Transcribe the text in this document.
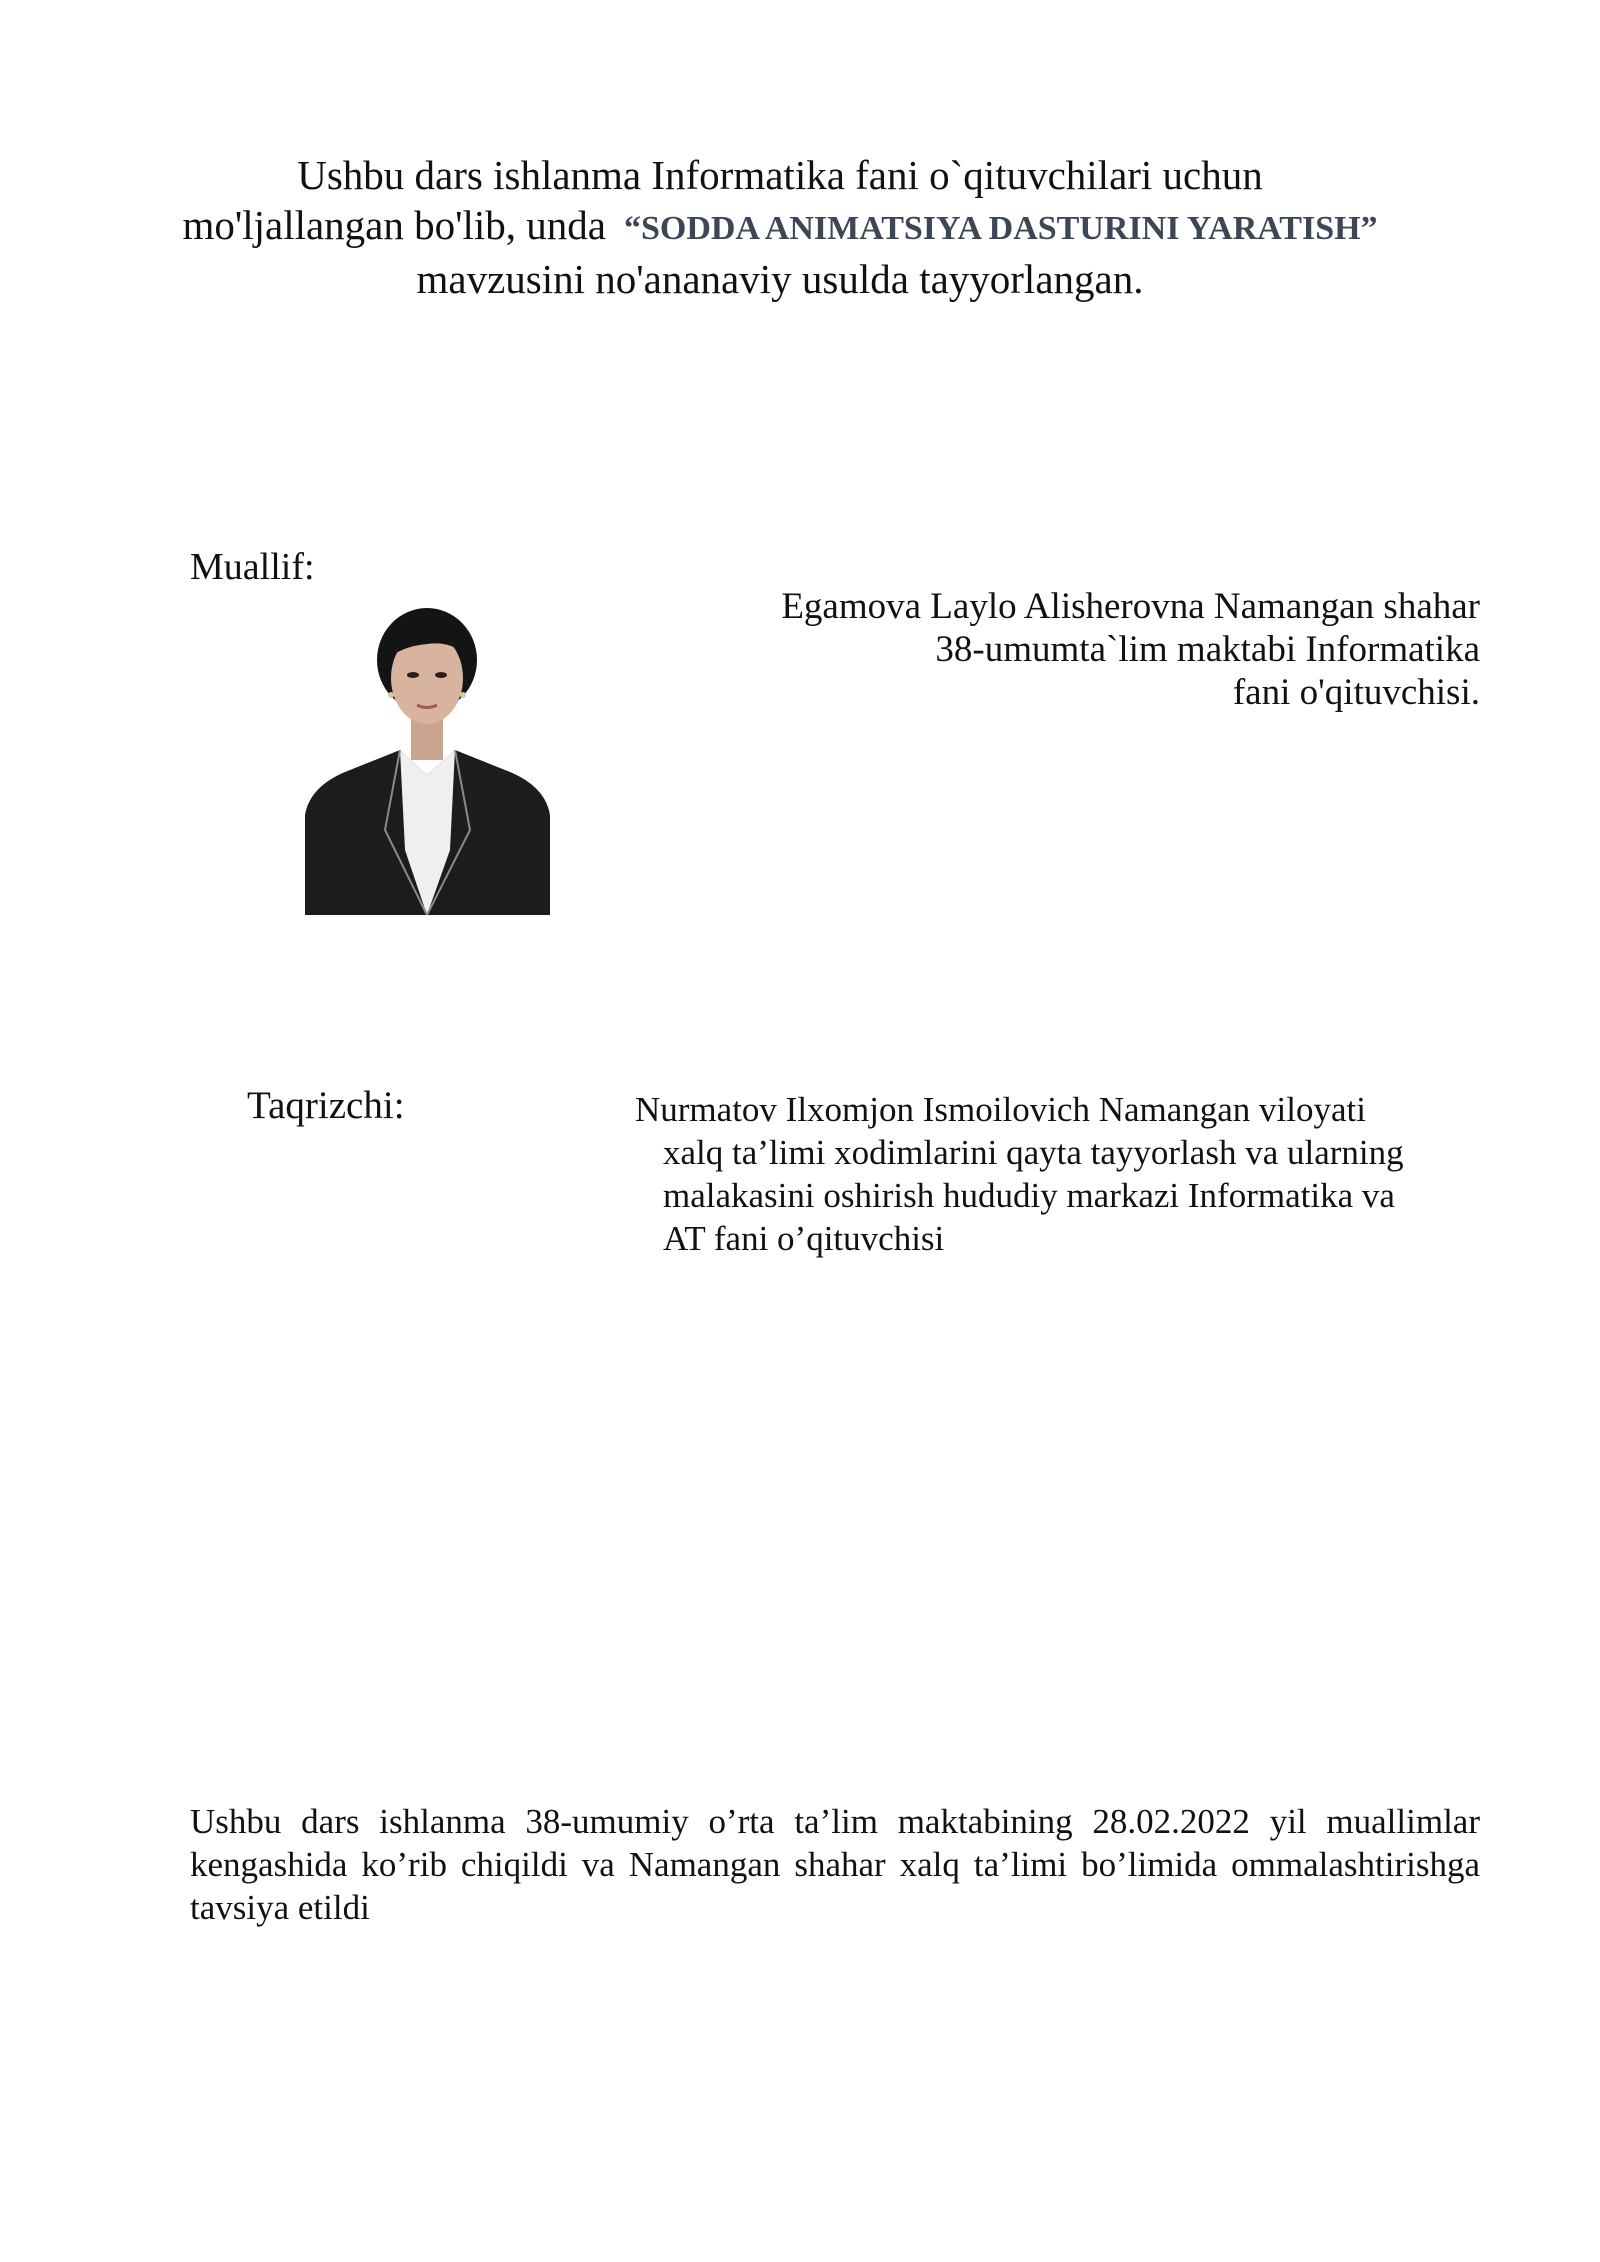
Ushbu dars ishlanma Informatika fani o`qituvchilari uchun
mo'ljallangan bo'lib, unda “SODDA ANIMATSIYA DASTURINI YARATISH”
mavzusini no'ananaviy usulda tayyorlangan.
Muallif:
Egamova Laylo Alisherovna Namangan shahar
38-umumta`lim maktabi Informatika
fani o'qituvchisi.
Taqrizchi:	Nurmatov Ilxomjon Ismoilovich Namangan viloyati
xalq ta’limi xodimlarini qayta tayyorlash va ularning
malakasini oshirish hududiy markazi Informatika va
AT fani o’qituvchisi
Ushbu dars ishlanma 38-umumiy o’rta ta’lim maktabining 28.02.2022 yil muallimlar kengashida ko’rib chiqildi va Namangan shahar xalq ta’limi bo’limida ommalashtirishga tavsiya etildi
